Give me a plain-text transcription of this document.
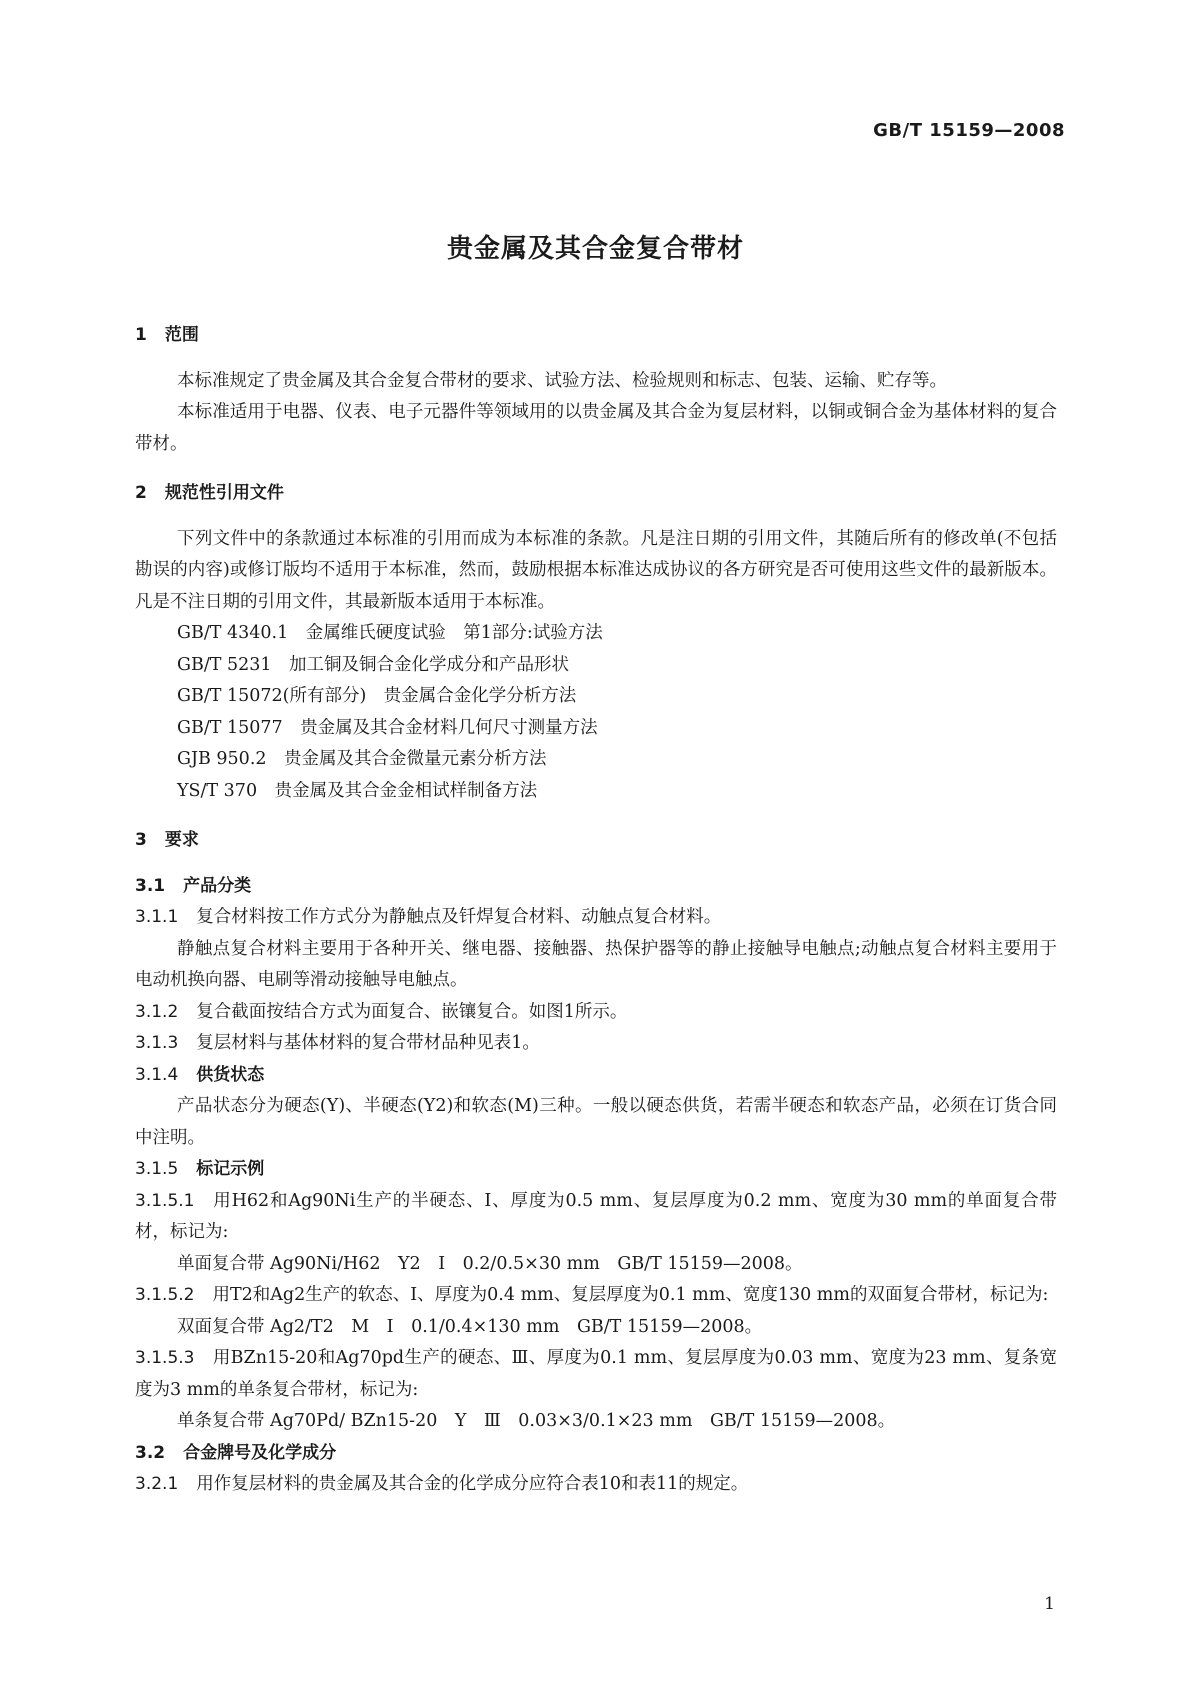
GB/T 15159—2008
贵金属及其合金复合带材

1 范围

本标准规定了贵金属及其合金复合带材的要求、试验方法、检验规则和标志、包装、运输、贮存等。

本标准适用于电器、仪表、电子元器件等领域用的以贵金属及其合金为复层材料，以铜或铜合金为基体材料的复合带材。

2 规范性引用文件

下列文件中的条款通过本标准的引用而成为本标准的条款。凡是注日期的引用文件，其随后所有的修改单(不包括勘误的内容)或修订版均不适用于本标准，然而，鼓励根据本标准达成协议的各方研究是否可使用这些文件的最新版本。凡是不注日期的引用文件，其最新版本适用于本标准。

GB/T 4340.1　金属维氏硬度试验　第1部分:试验方法

GB/T 5231　加工铜及铜合金化学成分和产品形状

GB/T 15072(所有部分)　贵金属合金化学分析方法

GB/T 15077　贵金属及其合金材料几何尺寸测量方法

GJB 950.2　贵金属及其合金微量元素分析方法

YS/T 370　贵金属及其合金金相试样制备方法

3 要求

3.1 产品分类

3.1.1 复合材料按工作方式分为静触点及钎焊复合材料、动触点复合材料。

静触点复合材料主要用于各种开关、继电器、接触器、热保护器等的静止接触导电触点;动触点复合材料主要用于电动机换向器、电刷等滑动接触导电触点。

3.1.2 复合截面按结合方式为面复合、嵌镶复合。如图1所示。

3.1.3 复层材料与基体材料的复合带材品种见表1。

3.1.4 供货状态

产品状态分为硬态(Y)、半硬态(Y2)和软态(M)三种。一般以硬态供货，若需半硬态和软态产品，必须在订货合同中注明。

3.1.5 标记示例

3.1.5.1 用H62和Ag90Ni生产的半硬态、Ⅰ、厚度为0.5 mm、复层厚度为0.2 mm、宽度为30 mm的单面复合带材，标记为:

单面复合带 Ag90Ni/H62　Y2　Ⅰ　0.2/0.5×30 mm　GB/T 15159—2008。

3.1.5.2 用T2和Ag2生产的软态、Ⅰ、厚度为0.4 mm、复层厚度为0.1 mm、宽度130 mm的双面复合带材，标记为:

双面复合带 Ag2/T2　M　Ⅰ　0.1/0.4×130 mm　GB/T 15159—2008。

3.1.5.3 用BZn15-20和Ag70pd生产的硬态、Ⅲ、厚度为0.1 mm、复层厚度为0.03 mm、宽度为23 mm、复条宽度为3 mm的单条复合带材，标记为:

单条复合带 Ag70Pd/ BZn15-20　Y　Ⅲ　0.03×3/0.1×23 mm　GB/T 15159—2008。

3.2 合金牌号及化学成分

3.2.1 用作复层材料的贵金属及其合金的化学成分应符合表10和表11的规定。

1
